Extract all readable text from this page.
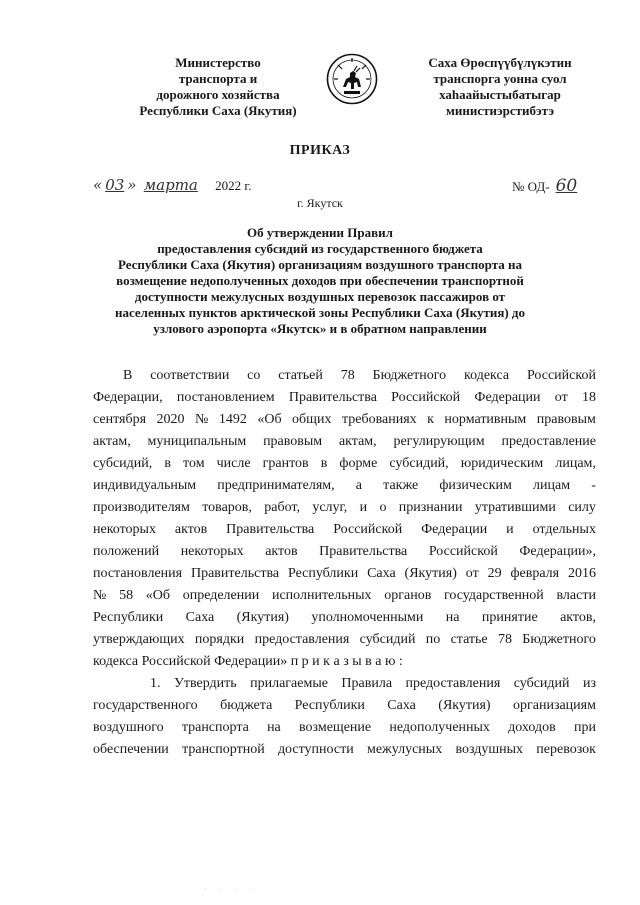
Министерство
транспорта и
дорожного хозяйства
Республики Саха (Якутия)
Саха Өрөспүүбүлүкэтин
транспорга уонна суол
хаһаайыстыбатыгар
министиэрстибэтэ
ПРИКАЗ
« 03 » марта 2022 г.	№ ОД- 60
г. Якутск
Об утверждении Правил
предоставления субсидий из государственного бюджета
Республики Саха (Якутия) организациям воздушного транспорта на
возмещение недополученных доходов при обеспечении транспортной
доступности межулусных воздушных перевозок пассажиров от
населенных пунктов арктической зоны Республики Саха (Якутия) до
узлового аэропорта «Якутск» и в обратном направлении
В соответствии со статьей 78 Бюджетного кодекса Российской
Федерации, постановлением Правительства Российской Федерации от 18
сентября 2020 № 1492 «Об общих требованиях к нормативным правовым
актам, муниципальным правовым актам, регулирующим предоставление
субсидий, в том числе грантов в форме субсидий, юридическим лицам,
индивидуальным предпринимателям, а также физическим лицам -
производителям товаров, работ, услуг, и о признании утратившими силу
некоторых актов Правительства Российской Федерации и отдельных
положений некоторых актов Правительства Российской Федерации»,
постановления Правительства Республики Саха (Якутия) от 29 февраля 2016
№ 58 «Об определении исполнительных органов государственной власти
Республики Саха (Якутия) уполномоченными на принятие актов,
утверждающих порядки предоставления субсидий по статье 78 Бюджетного
кодекса Российской Федерации» п р и к а з ы в а ю :
1. Утвердить прилагаемые Правила предоставления субсидий из
государственного бюджета Республики Саха (Якутия) организациям
воздушного транспорта на возмещение недополученных доходов при
обеспечении транспортной доступности межулусных воздушных перевозок
. . . .
